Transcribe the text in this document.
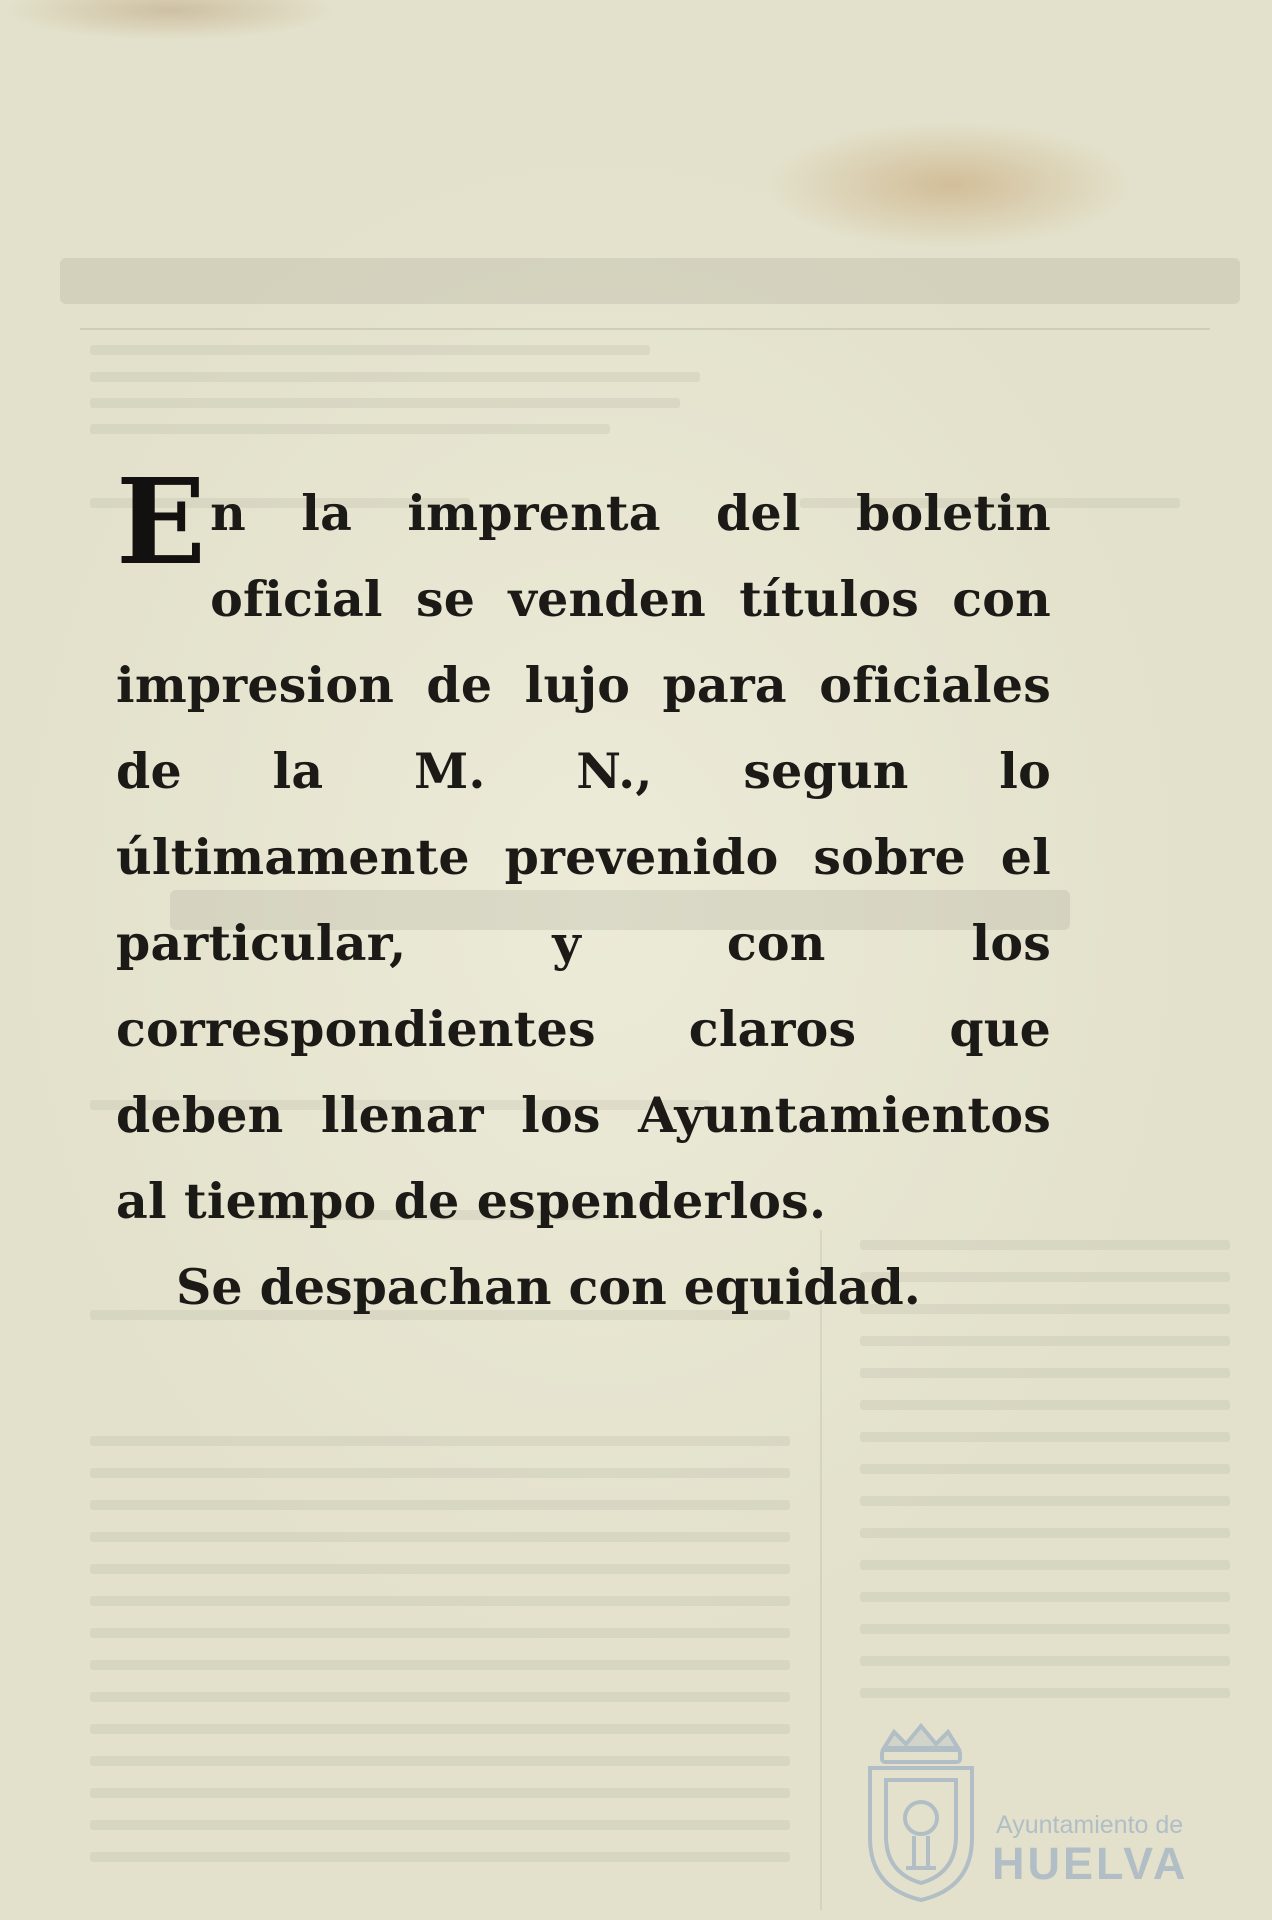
En la imprenta del boletin oficial se venden títulos con impresion de lujo para oficiales de la M. N., segun lo últimamente prevenido sobre el particular, y con los correspondientes claros que deben llenar los Ayuntamientos al tiempo de espenderlos.

Se despachan con equidad.

Ayuntamiento de
HUELVA
